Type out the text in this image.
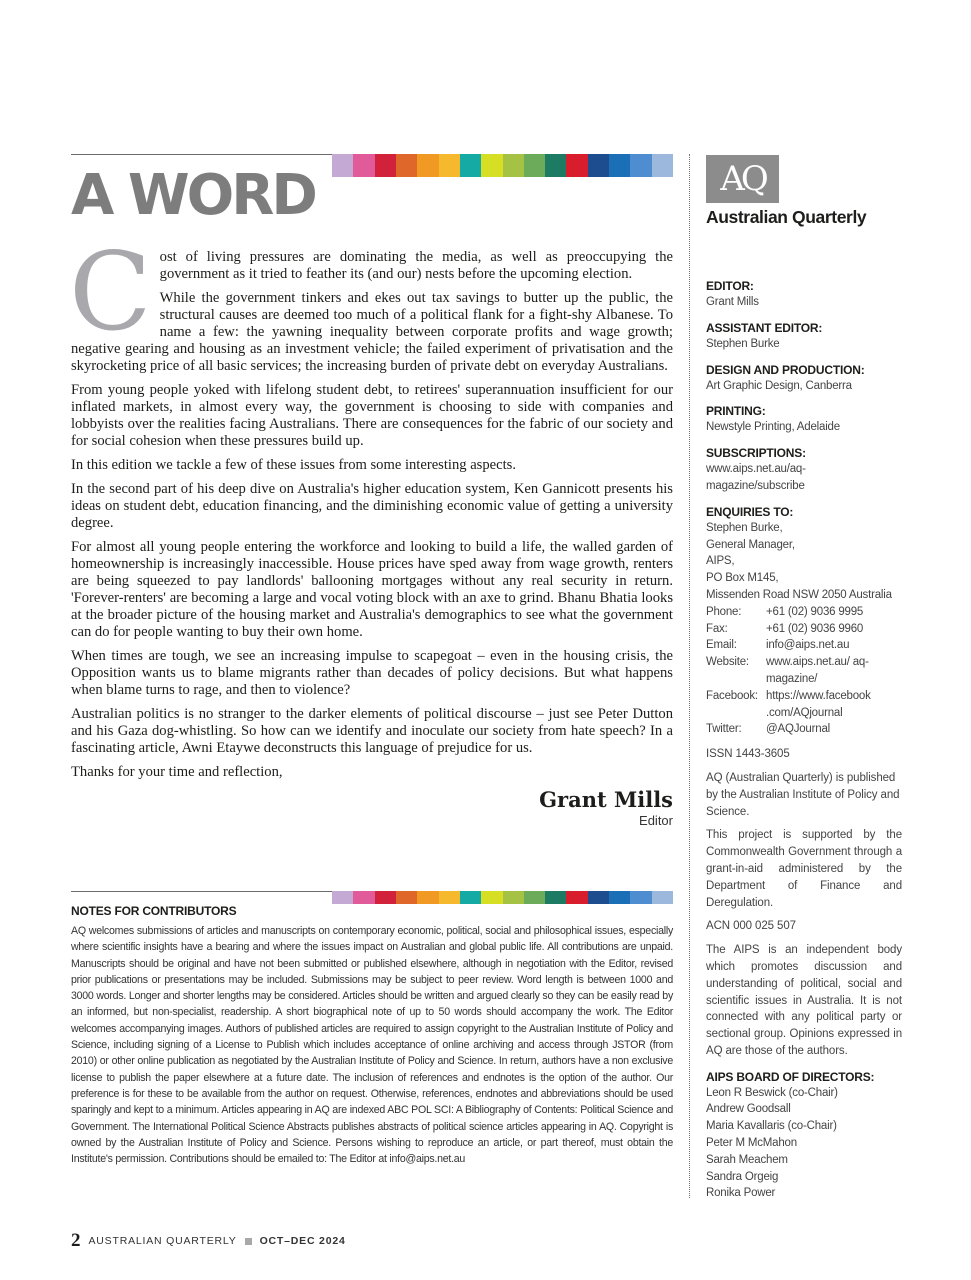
A WORD

Cost of living pressures are dominating the media, as well as preoccupying the government as it tried to feather its (and our) nests before the upcoming election.

While the government tinkers and ekes out tax savings to butter up the public, the structural causes are deemed too much of a political flank for a fight-shy Albanese. To name a few: the yawning inequality between corporate profits and wage growth; negative gearing and housing as an investment vehicle; the failed experiment of privatisation and the skyrocketing price of all basic services; the increasing burden of private debt on everyday Australians.

From young people yoked with lifelong student debt, to retirees' superannuation insufficient for our inflated markets, in almost every way, the government is choosing to side with companies and lobbyists over the realities facing Australians. There are consequences for the fabric of our society and for social cohesion when these pressures build up.

In this edition we tackle a few of these issues from some interesting aspects.

In the second part of his deep dive on Australia's higher education system, Ken Gannicott presents his ideas on student debt, education financing, and the diminishing economic value of getting a university degree.

For almost all young people entering the workforce and looking to build a life, the walled garden of homeownership is increasingly inaccessible. House prices have sped away from wage growth, renters are being squeezed to pay landlords' ballooning mortgages without any real security in return. 'Forever-renters' are becoming a large and vocal voting block with an axe to grind. Bhanu Bhatia looks at the broader picture of the housing market and Australia's demographics to see what the government can do for people wanting to buy their own home.

When times are tough, we see an increasing impulse to scapegoat – even in the housing crisis, the Opposition wants us to blame migrants rather than decades of policy decisions. But what happens when blame turns to rage, and then to violence?

Australian politics is no stranger to the darker elements of political discourse – just see Peter Dutton and his Gaza dog-whistling. So how can we identify and inoculate our society from hate speech? In a fascinating article, Awni Etaywe deconstructs this language of prejudice for us.

Thanks for your time and reflection,

Grant Mills
Editor
NOTES FOR CONTRIBUTORS

AQ welcomes submissions of articles and manuscripts on contemporary economic, political, social and philosophical issues, especially where scientific insights have a bearing and where the issues impact on Australian and global public life. All contributions are unpaid. Manuscripts should be original and have not been submitted or published elsewhere, although in negotiation with the Editor, revised prior publications or presentations may be included. Submissions may be subject to peer review. Word length is between 1000 and 3000 words. Longer and shorter lengths may be considered. Articles should be written and argued clearly so they can be easily read by an informed, but non-specialist, readership. A short biographical note of up to 50 words should accompany the work. The Editor welcomes accompanying images. Authors of published articles are required to assign copyright to the Australian Institute of Policy and Science, including signing of a License to Publish which includes acceptance of online archiving and access through JSTOR (from 2010) or other online publication as negotiated by the Australian Institute of Policy and Science. In return, authors have a non exclusive license to publish the paper elsewhere at a future date. The inclusion of references and endnotes is the option of the author. Our preference is for these to be available from the author on request. Otherwise, references, endnotes and abbreviations should be used sparingly and kept to a minimum. Articles appearing in AQ are indexed ABC POL SCI: A Bibliography of Contents: Political Science and Government. The International Political Science Abstracts publishes abstracts of political science articles appearing in AQ. Copyright is owned by the Australian Institute of Policy and Science. Persons wishing to reproduce an article, or part thereof, must obtain the Institute's permission. Contributions should be emailed to: The Editor at info@aips.net.au

AQ

Australian Quarterly

EDITOR:

Grant Mills

ASSISTANT EDITOR:

Stephen Burke

DESIGN AND PRODUCTION:

Art Graphic Design, Canberra

PRINTING:

Newstyle Printing, Adelaide

SUBSCRIPTIONS:

www.aips.net.au/aq-magazine/subscribe

ENQUIRIES TO:

Stephen Burke,
General Manager,
AIPS,
PO Box M145,
Missenden Road NSW 2050 Australia
Phone:	+61 (02) 9036 9995
Fax:	+61 (02) 9036 9960
Email:	info@aips.net.au
Website:	www.aips.net.au/ aq-magazine/
Facebook:	https://www.facebook .com/AQjournal
Twitter:	@AQJournal

ISSN 1443-3605

AQ (Australian Quarterly) is published by the Australian Institute of Policy and Science.

This project is supported by the Commonwealth Government through a grant-in-aid administered by the Department of Finance and Deregulation.

ACN 000 025 507

The AIPS is an independent body which promotes discussion and understanding of political, social and scientific issues in Australia. It is not connected with any political party or sectional group. Opinions expressed in AQ are those of the authors.

AIPS BOARD OF DIRECTORS:

Leon R Beswick (co-Chair)
Andrew Goodsall
Maria Kavallaris (co-Chair)
Peter M McMahon
Sarah Meachem
Sandra Orgeig
Ronika Power
2 AUSTRALIAN QUARTERLY OCT–DEC 2024
